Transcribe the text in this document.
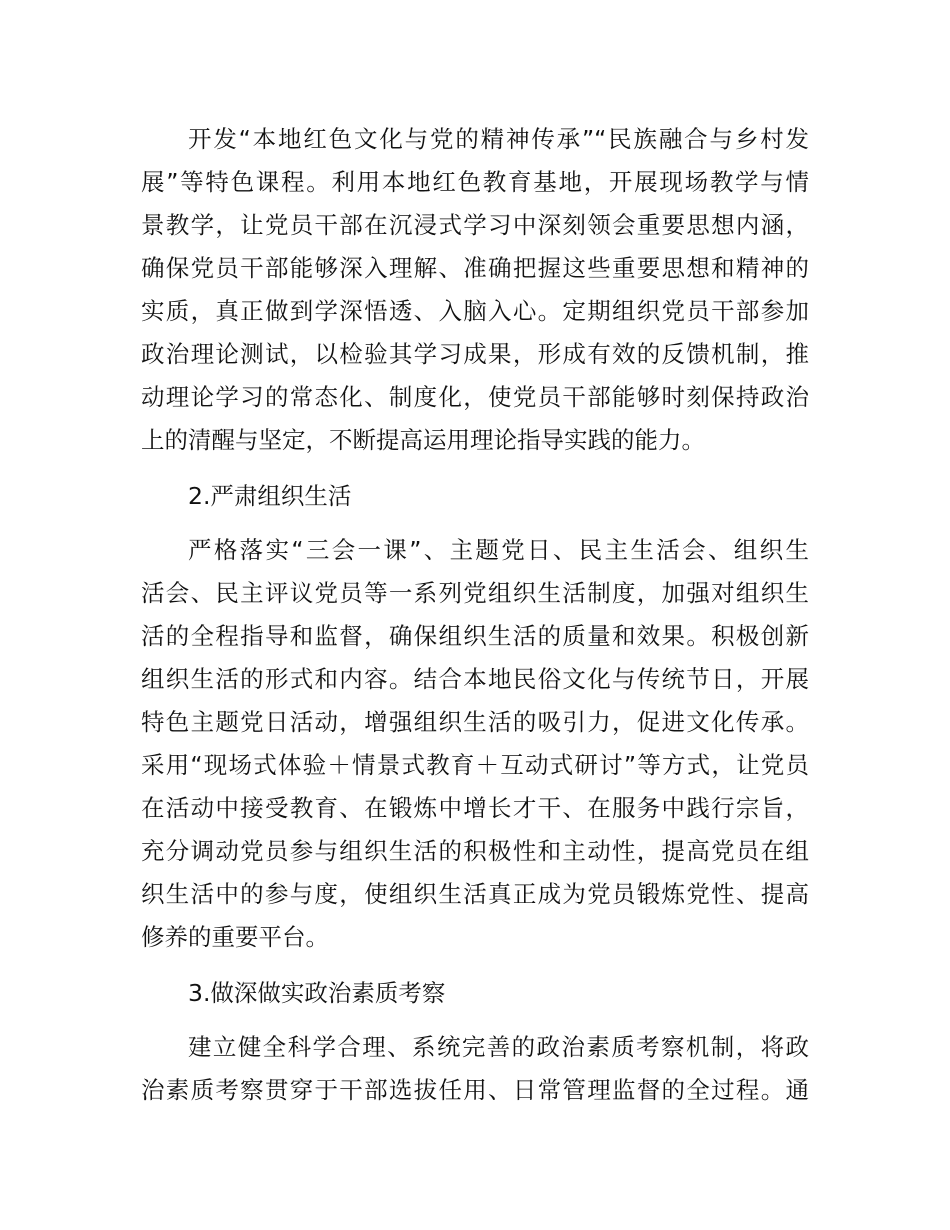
开发“本地红色文化与党的精神传承”“民族融合与乡村发
展”等特色课程。利用本地红色教育基地，开展现场教学与情
景教学，让党员干部在沉浸式学习中深刻领会重要思想内涵，
确保党员干部能够深入理解、准确把握这些重要思想和精神的
实质，真正做到学深悟透、入脑入心。定期组织党员干部参加
政治理论测试，以检验其学习成果，形成有效的反馈机制，推
动理论学习的常态化、制度化，使党员干部能够时刻保持政治
上的清醒与坚定，不断提高运用理论指导实践的能力。
2.严肃组织生活
严格落实“三会一课”、主题党日、民主生活会、组织生
活会、民主评议党员等一系列党组织生活制度，加强对组织生
活的全程指导和监督，确保组织生活的质量和效果。积极创新
组织生活的形式和内容。结合本地民俗文化与传统节日，开展
特色主题党日活动，增强组织生活的吸引力，促进文化传承。
采用“现场式体验＋情景式教育＋互动式研讨”等方式，让党员
在活动中接受教育、在锻炼中增长才干、在服务中践行宗旨，
充分调动党员参与组织生活的积极性和主动性，提高党员在组
织生活中的参与度，使组织生活真正成为党员锻炼党性、提高
修养的重要平台。
3.做深做实政治素质考察
建立健全科学合理、系统完善的政治素质考察机制，将政
治素质考察贯穿于干部选拔任用、日常管理监督的全过程。通
